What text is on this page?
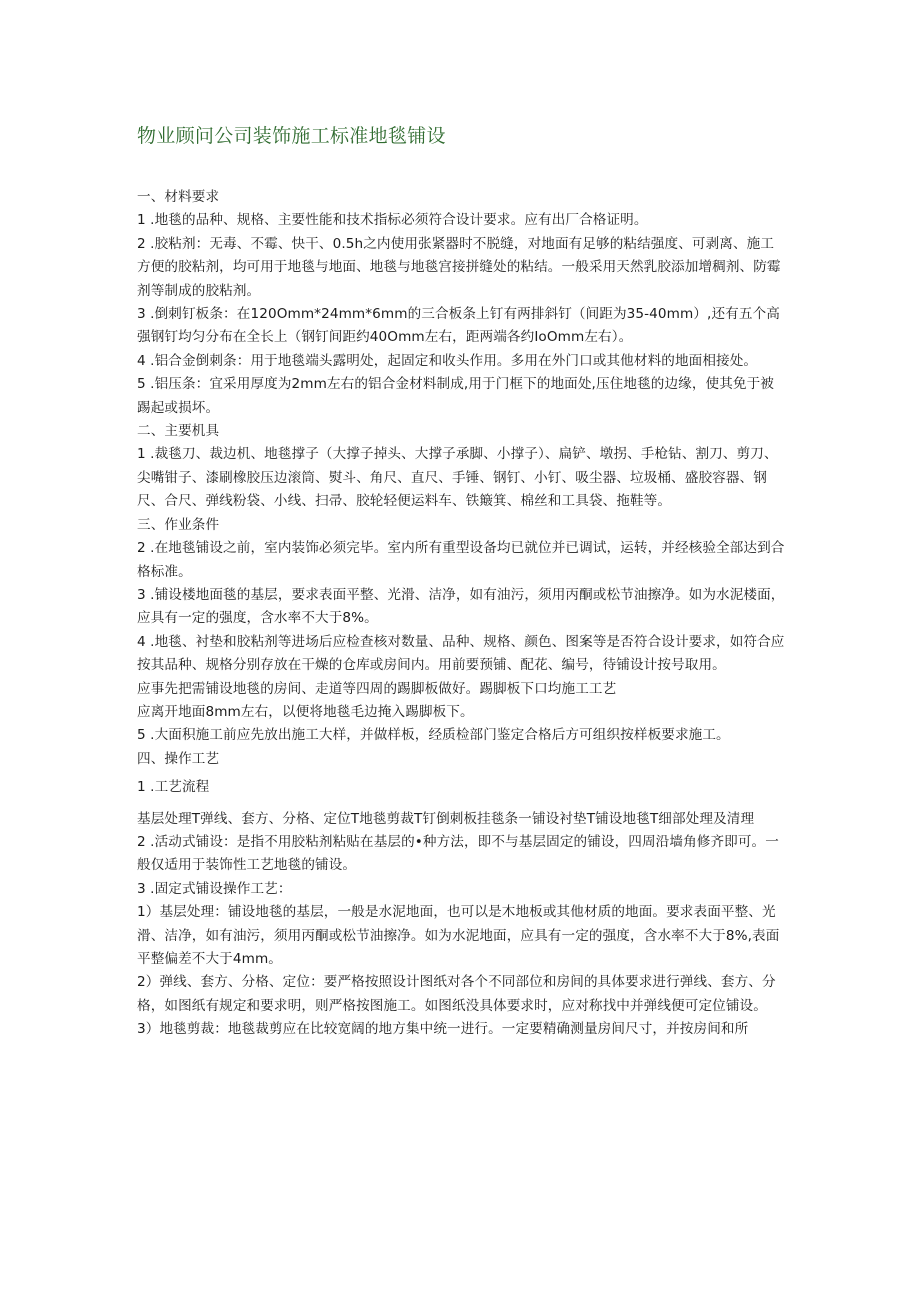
物业顾问公司装饰施工标准地毯铺设

一、材料要求

1 .地毯的品种、规格、主要性能和技术指标必须符合设计要求。应有出厂合格证明。

2 .胶粘剂：无毒、不霉、快干、0.5h之内使用张紧器时不脱缝，对地面有足够的粘结强度、可剥离、施工方便的胶粘剂，均可用于地毯与地面、地毯与地毯宫接拼缝处的粘结。一般采用天然乳胶添加增稠剂、防霉剂等制成的胶粘剂。

3 .倒刺钉板条：在120Omm*24mm*6mm的三合板条上钉有两排斜钉（间距为35-40mm）,还有五个高强钢钉均匀分布在全长上（钢钉间距约40Omm左右，距两端各约IoOmm左右）。

4 .铝合金倒刺条：用于地毯端头露明处，起固定和收头作用。多用在外门口或其他材料的地面相接处。

5 .铝压条：宜采用厚度为2mm左右的铝合金材料制成,用于门框下的地面处,压住地毯的边缘，使其免于被踢起或损坏。

二、主要机具

1 .裁毯刀、裁边机、地毯撑子（大撑子掉头、大撑子承脚、小撑子）、扁铲、墩拐、手枪钻、割刀、剪刀、尖嘴钳子、漆刷橡胶压边滚筒、熨斗、角尺、直尺、手锤、钢钉、小钉、吸尘器、垃圾桶、盛胶容器、钢尺、合尺、弹线粉袋、小线、扫帚、胶轮轻便运料车、铁簸箕、棉丝和工具袋、拖鞋等。

三、作业条件

2 .在地毯铺设之前，室内装饰必须完毕。室内所有重型设备均已就位并已调试，运转，并经核验全部达到合格标准。

3 .铺设楼地面毯的基层，要求表面平整、光滑、洁净，如有油污，须用丙酮或松节油擦净。如为水泥楼面，应具有一定的强度，含水率不大于8%。

4 .地毯、衬垫和胶粘剂等进场后应检查核对数量、品种、规格、颜色、图案等是否符合设计要求，如符合应按其品种、规格分别存放在干燥的仓库或房间内。用前要预铺、配花、编号，待铺设计按号取用。

应事先把需铺设地毯的房间、走道等四周的踢脚板做好。踢脚板下口均施工工艺

应离开地面8mm左右，以便将地毯毛边掩入踢脚板下。

5 .大面积施工前应先放出施工大样，并做样板，经质检部门鉴定合格后方可组织按样板要求施工。

四、操作工艺

1 .工艺流程

基层处理T弹线、套方、分格、定位T地毯剪裁T钉倒刺板挂毯条一铺设衬垫T铺设地毯T细部处理及清理

2 .活动式铺设：是指不用胶粘剂粘贴在基层的•种方法，即不与基层固定的铺设，四周沿墙角修齐即可。一般仅适用于装饰性工艺地毯的铺设。

3 .固定式铺设操作工艺：

1）基层处理：铺设地毯的基层，一般是水泥地面，也可以是木地板或其他材质的地面。要求表面平整、光滑、洁净，如有油污，须用丙酮或松节油擦净。如为水泥地面，应具有一定的强度，含水率不大于8%,表面平整偏差不大于4mm。

2）弹线、套方、分格、定位：要严格按照设计图纸对各个不同部位和房间的具体要求进行弹线、套方、分格，如图纸有规定和要求明，则严格按图施工。如图纸没具体要求时，应对称找中并弹线便可定位铺设。

3）地毯剪裁：地毯裁剪应在比较宽阔的地方集中统一进行。一定要精确测量房间尺寸，并按房间和所
